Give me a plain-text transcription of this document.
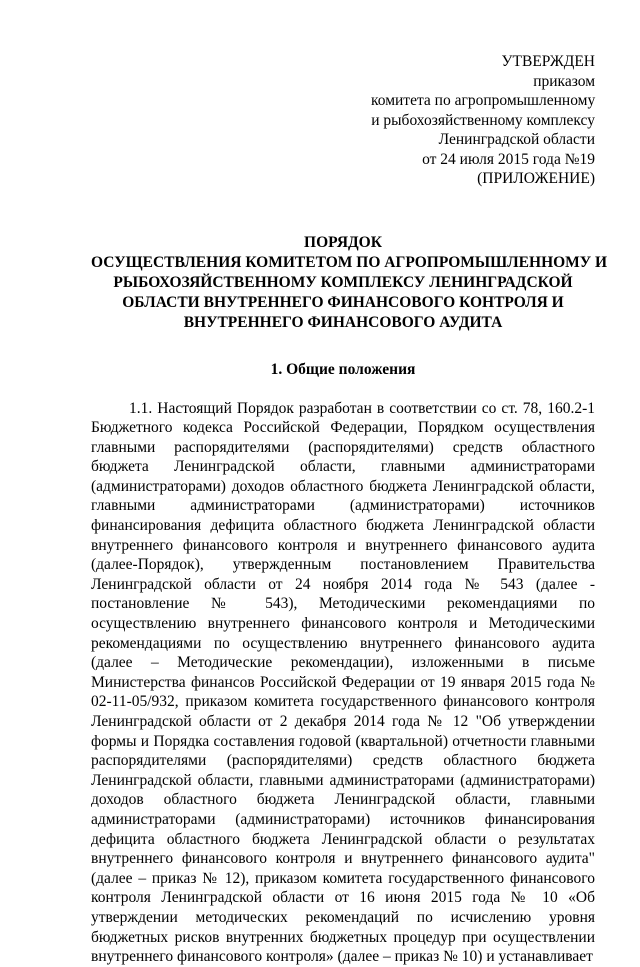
УТВЕРЖДЕН
приказом
комитета по агропромышленному
и рыбохозяйственному комплексу
Ленинградской области
от 24 июля 2015 года №19
(ПРИЛОЖЕНИЕ)
ПОРЯДОК
ОСУЩЕСТВЛЕНИЯ КОМИТЕТОМ ПО АГРОПРОМЫШЛЕННОМУ И
РЫБОХОЗЯЙСТВЕННОМУ КОМПЛЕКСУ ЛЕНИНГРАДСКОЙ
ОБЛАСТИ ВНУТРЕННЕГО ФИНАНСОВОГО КОНТРОЛЯ И
ВНУТРЕННЕГО ФИНАНСОВОГО АУДИТА
1. Общие положения

1.1. Настоящий Порядок разработан в соответствии со ст. 78, 160.2-1 Бюджетного кодекса Российской Федерации, Порядком осуществления главными распорядителями (распорядителями) средств областного бюджета Ленинградской области, главными администраторами (администраторами) доходов областного бюджета Ленинградской области, главными администраторами (администраторами) источников финансирования дефицита областного бюджета Ленинградской области внутреннего финансового контроля и внутреннего финансового аудита (далее-Порядок), утвержденным постановлением Правительства Ленинградской области от 24 ноября 2014 года № 543 (далее - постановление № 543), Методическими рекомендациями по осуществлению внутреннего финансового контроля и Методическими рекомендациями по осуществлению внутреннего финансового аудита (далее – Методические рекомендации), изложенными в письме Министерства финансов Российской Федерации от 19 января 2015 года № 02-11-05/932, приказом комитета государственного финансового контроля Ленинградской области от 2 декабря 2014 года № 12 "Об утверждении формы и Порядка составления годовой (квартальной) отчетности главными распорядителями (распорядителями) средств областного бюджета Ленинградской области, главными администраторами (администраторами) доходов областного бюджета Ленинградской области, главными администраторами (администраторами) источников финансирования дефицита областного бюджета Ленинградской области о результатах внутреннего финансового контроля и внутреннего финансового аудита" (далее – приказ № 12), приказом комитета государственного финансового контроля Ленинградской области от 16 июня 2015 года № 10 «Об утверждении методических рекомендаций по исчислению уровня бюджетных рисков внутренних бюджетных процедур при осуществлении внутреннего финансового контроля» (далее – приказ № 10) и устанавливает
